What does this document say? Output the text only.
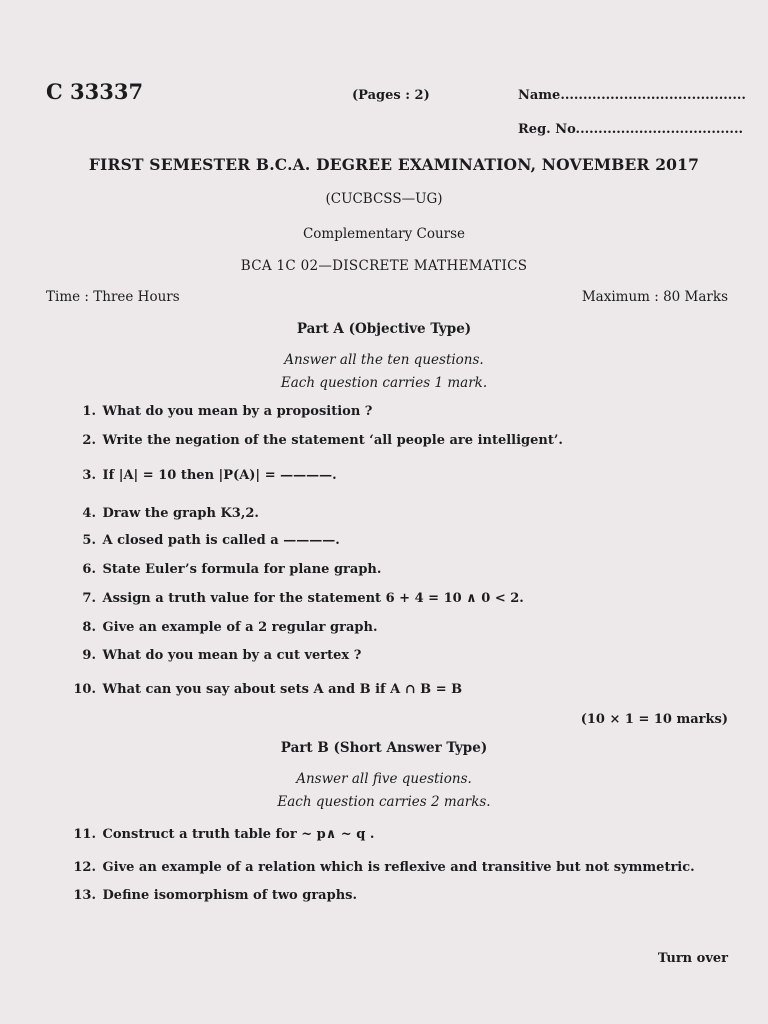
C 33337	(Pages : 2)	Name.........................................
Reg. No.....................................
FIRST SEMESTER B.C.A. DEGREE EXAMINATION, NOVEMBER 2017
(CUCBCSS—UG)
Complementary Course
BCA 1C 02—DISCRETE MATHEMATICS
Time : Three Hours	Maximum : 80 Marks
Part A (Objective Type)
Answer all the ten questions.
Each question carries 1 mark.
1. What do you mean by a proposition ?
2. Write the negation of the statement ‘all people are intelligent’.
3. If |A| = 10 then |P(A)| = ————.
4. Draw the graph K3,2.
5. A closed path is called a ————.
6. State Euler’s formula for plane graph.
7. Assign a truth value for the statement 6 + 4 = 10 ∧ 0 < 2.
8. Give an example of a 2 regular graph.
9. What do you mean by a cut vertex ?
10. What can you say about sets A and B if A ∩ B = B
(10 × 1 = 10 marks)
Part B (Short Answer Type)
Answer all five questions.
Each question carries 2 marks.
11. Construct a truth table for ~ p∧ ~ q .
12. Give an example of a relation which is reflexive and transitive but not symmetric.
13. Define isomorphism of two graphs.
Turn over
